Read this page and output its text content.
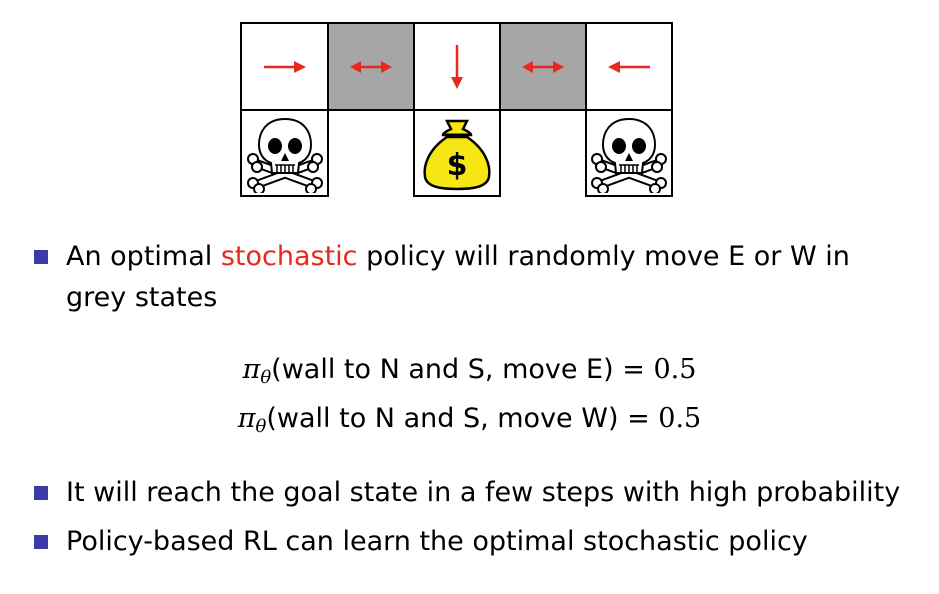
$
An optimal stochastic policy will randomly move E or W in
grey states
$\pi_\theta(wall$ to N and S, move E) = 0.5
$\pi_\theta(wall$ to N and S, move W) = 0.5
It will reach the goal state in a few steps with high probability
Policy-based RL can learn the optimal stochastic policy
